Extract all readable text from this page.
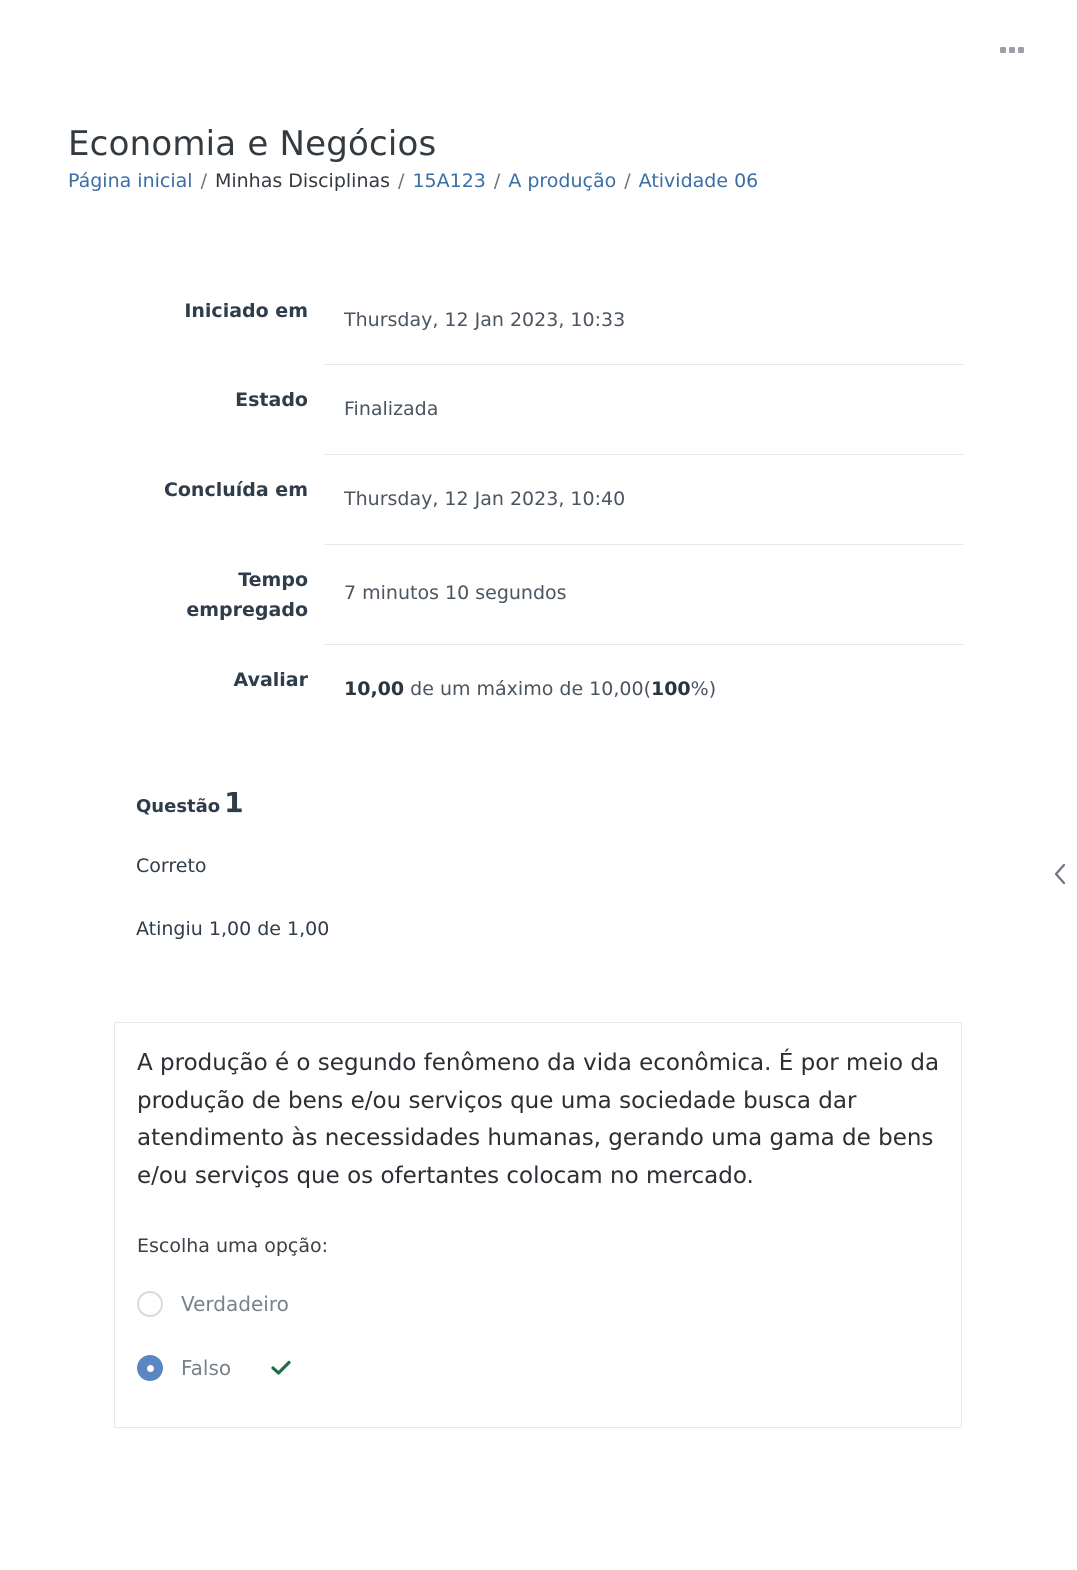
Economia e Negócios
Página inicial / Minhas Disciplinas / 15A123 / A produção / Atividade 06
Iniciado em	Thursday, 12 Jan 2023, 10:33
Estado	Finalizada
Concluída em	Thursday, 12 Jan 2023, 10:40
Tempo
empregado	7 minutos 10 segundos
Avaliar	10,00 de um máximo de 10,00(100%)
Questão 1
Correto
Atingiu 1,00 de 1,00

A produção é o segundo fenômeno da vida econômica. É por meio da produção de bens e/ou serviços que uma sociedade busca dar atendimento às necessidades humanas, gerando uma gama de bens e/ou serviços que os ofertantes colocam no mercado.

Escolha uma opção:
Verdadeiro
Falso
